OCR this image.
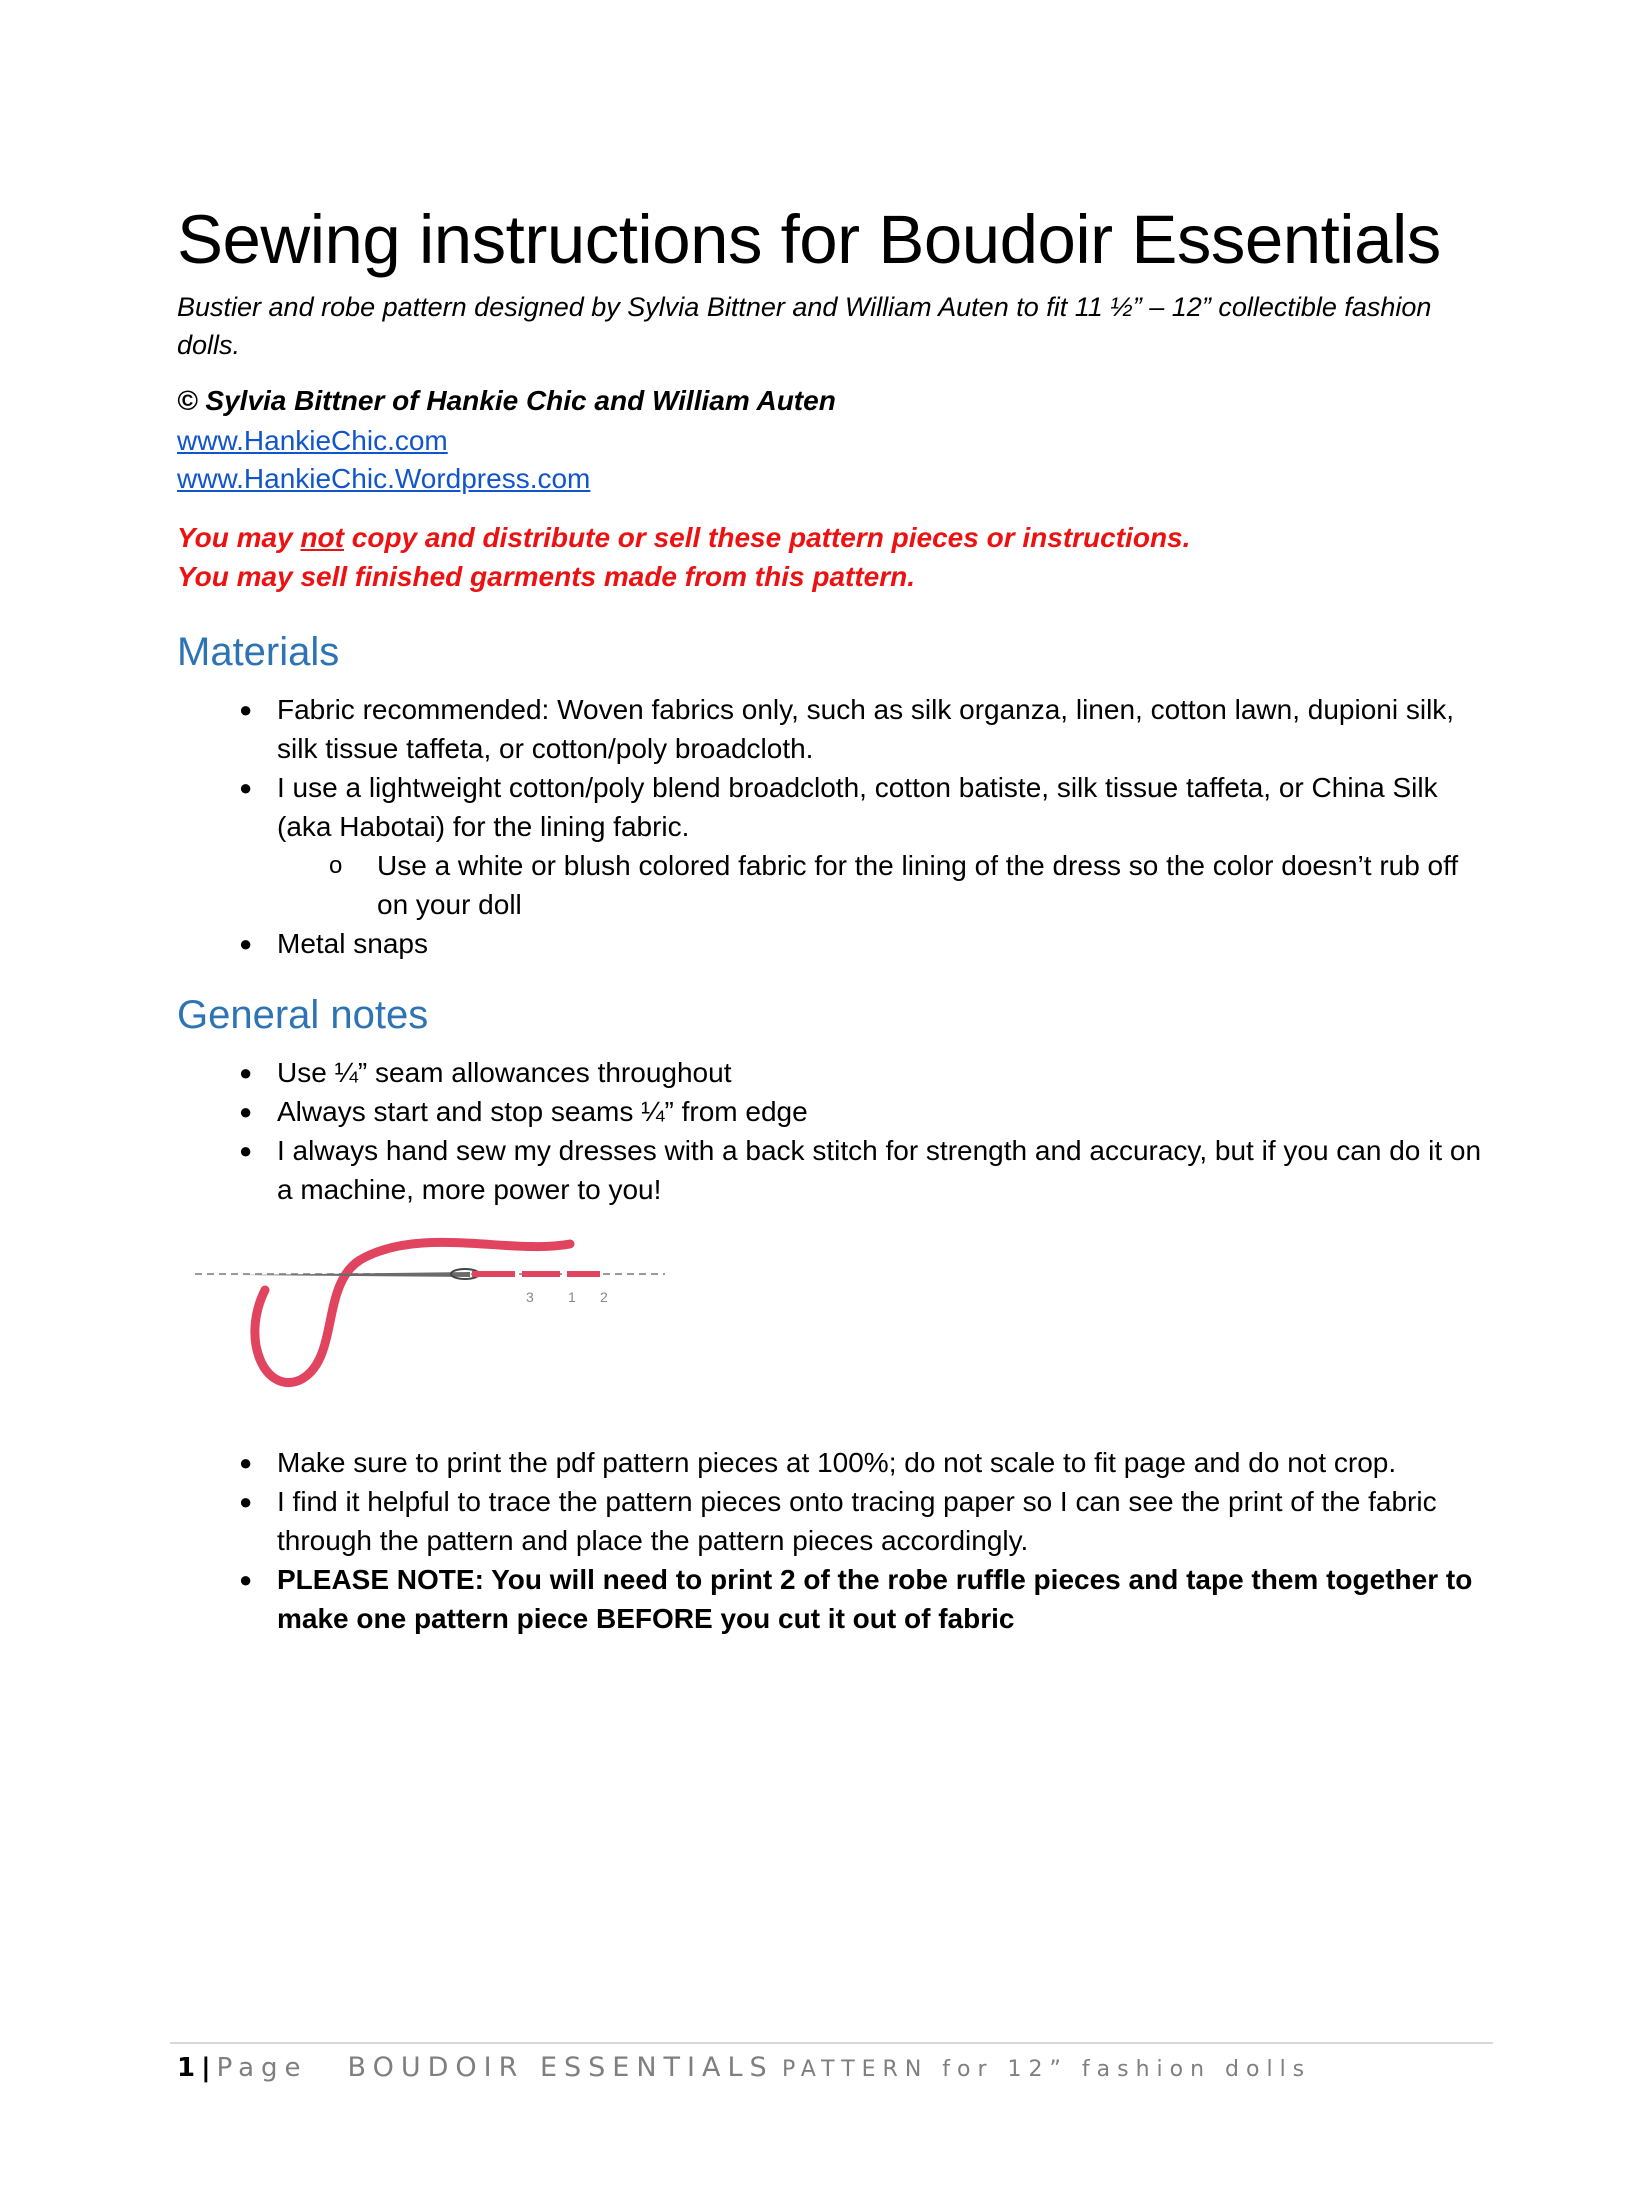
Sewing instructions for Boudoir Essentials
Bustier and robe pattern designed by Sylvia Bittner and William Auten to fit 11 ½” – 12” collectible fashion dolls.
© Sylvia Bittner of Hankie Chic and William Auten
www.HankieChic.com
www.HankieChic.Wordpress.com
You may not copy and distribute or sell these pattern pieces or instructions.
You may sell finished garments made from this pattern.
Materials
● Fabric recommended: Woven fabrics only, such as silk organza, linen, cotton lawn, dupioni silk, silk tissue taffeta, or cotton/poly broadcloth.
● I use a lightweight cotton/poly blend broadcloth, cotton batiste, silk tissue taffeta, or China Silk (aka Habotai) for the lining fabric.
o Use a white or blush colored fabric for the lining of the dress so the color doesn’t rub off on your doll
● Metal snaps
General notes
● Use ¼” seam allowances throughout
● Always start and stop seams ¼” from edge
● I always hand sew my dresses with a back stitch for strength and accuracy, but if you can do it on a machine, more power to you!
3 1 2
● Make sure to print the pdf pattern pieces at 100%; do not scale to fit page and do not crop.
● I find it helpful to trace the pattern pieces onto tracing paper so I can see the print of the fabric through the pattern and place the pattern pieces accordingly.
● PLEASE NOTE: You will need to print 2 of the robe ruffle pieces and tape them together to make one pattern piece BEFORE you cut it out of fabric
1 | Page BOUDOIR ESSENTIALS PATTERN for 12” fashion dolls
